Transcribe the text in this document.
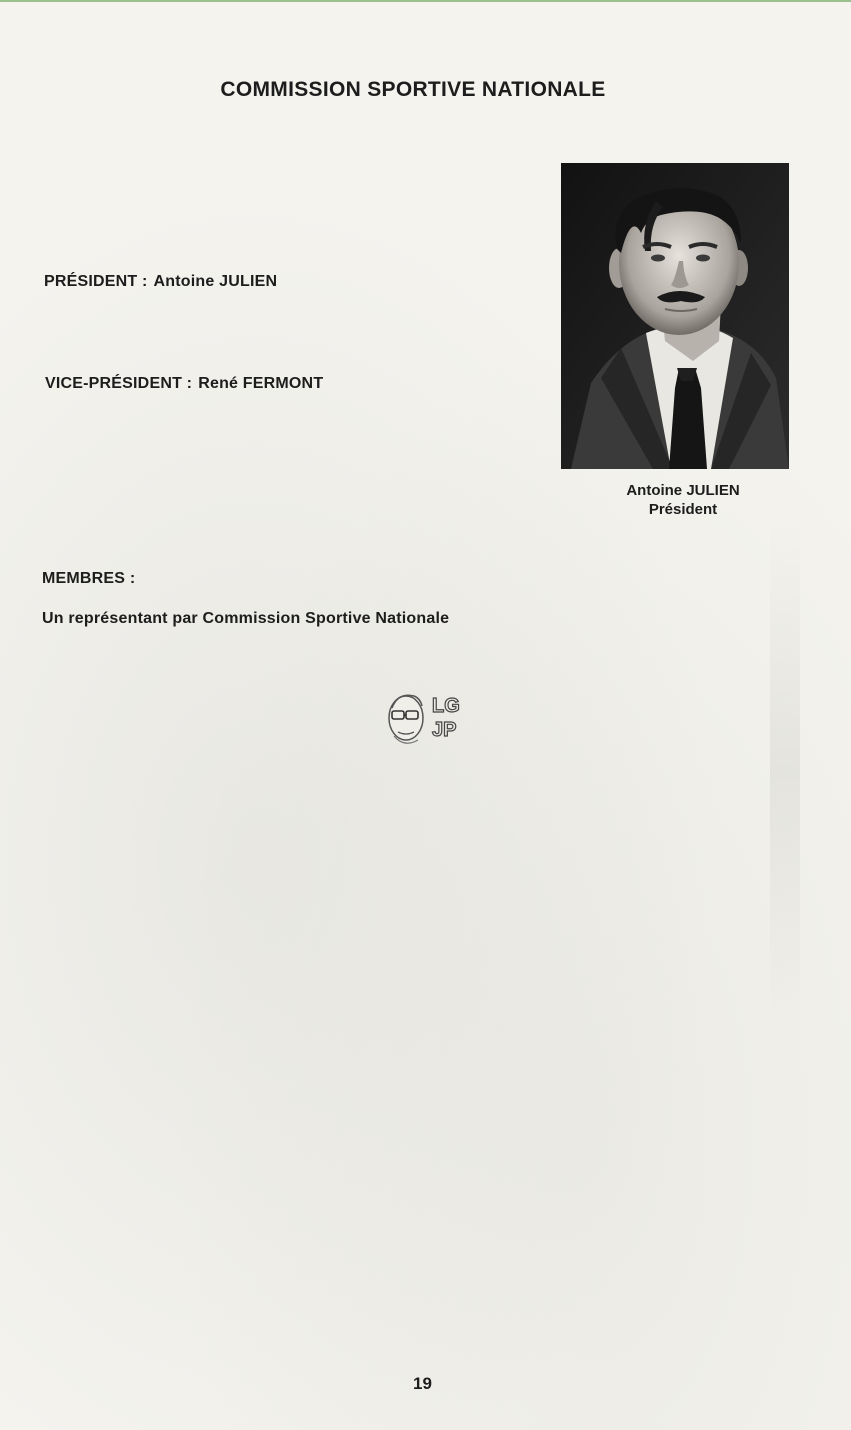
COMMISSION SPORTIVE NATIONALE
PRÉSIDENT : Antoine JULIEN
VICE-PRÉSIDENT : René FERMONT
MEMBRES :
Un représentant par Commission Sportive Nationale
Antoine JULIEN
Président
LG
JP
19
